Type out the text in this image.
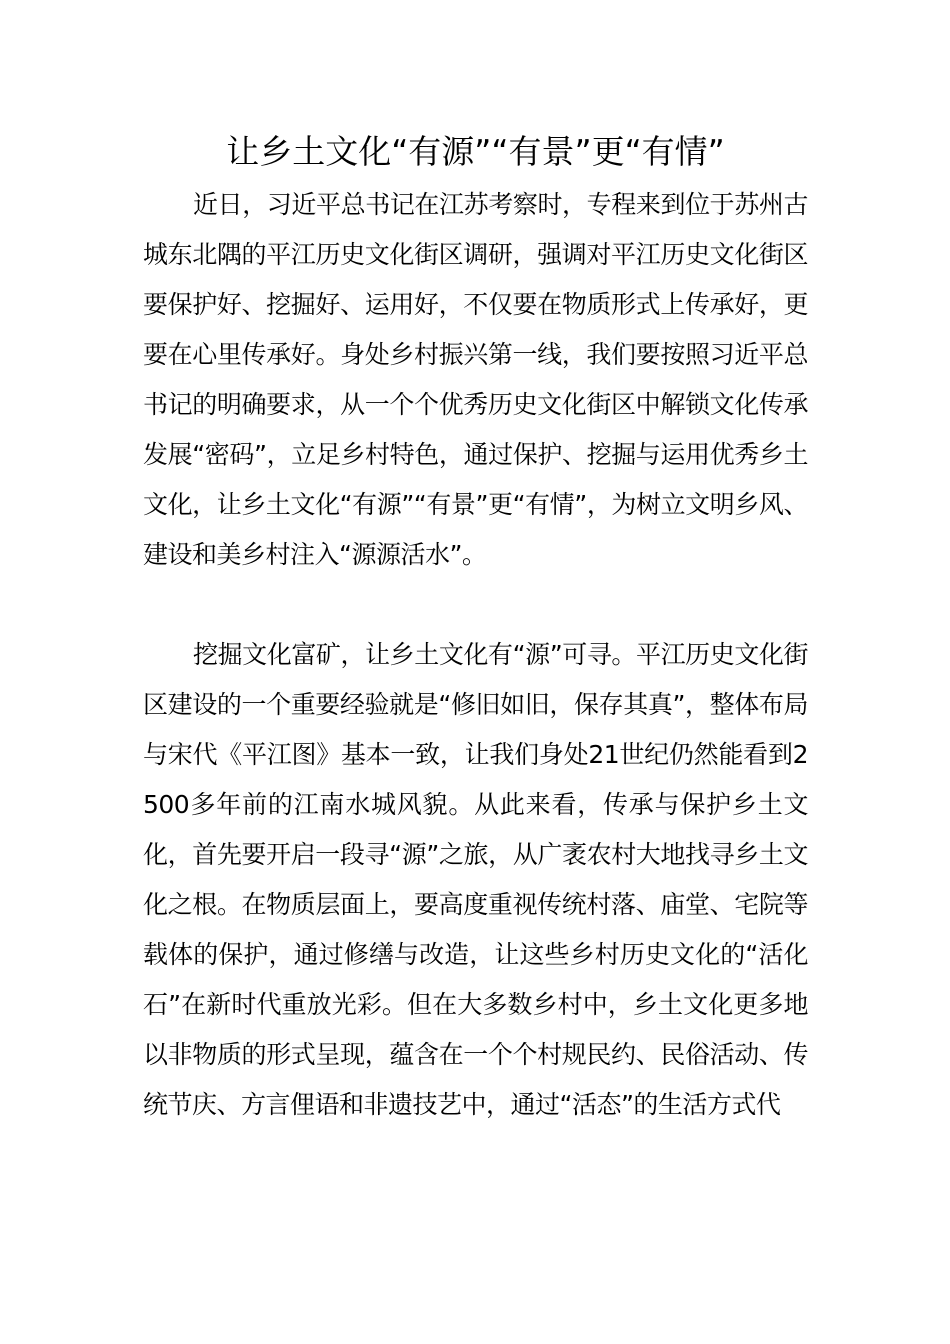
让乡土文化“有源”“有景”更“有情”

近日，习近平总书记在江苏考察时，专程来到位于苏州古城东北隅的平江历史文化街区调研，强调对平江历史文化街区要保护好、挖掘好、运用好，不仅要在物质形式上传承好，更要在心里传承好。身处乡村振兴第一线，我们要按照习近平总书记的明确要求，从一个个优秀历史文化街区中解锁文化传承发展“密码”，立足乡村特色，通过保护、挖掘与运用优秀乡土文化，让乡土文化“有源”“有景”更“有情”，为树立文明乡风、建设和美乡村注入“源源活水”。

挖掘文化富矿，让乡土文化有“源”可寻。平江历史文化街区建设的一个重要经验就是“修旧如旧，保存其真”，整体布局与宋代《平江图》基本一致，让我们身处21世纪仍然能看到2500多年前的江南水城风貌。从此来看，传承与保护乡土文化，首先要开启一段寻“源”之旅，从广袤农村大地找寻乡土文化之根。在物质层面上，要高度重视传统村落、庙堂、宅院等载体的保护，通过修缮与改造，让这些乡村历史文化的“活化石”在新时代重放光彩。但在大多数乡村中，乡土文化更多地以非物质的形式呈现，蕴含在一个个村规民约、民俗活动、传统节庆、方言俚语和非遗技艺中，通过“活态”的生活方式代
